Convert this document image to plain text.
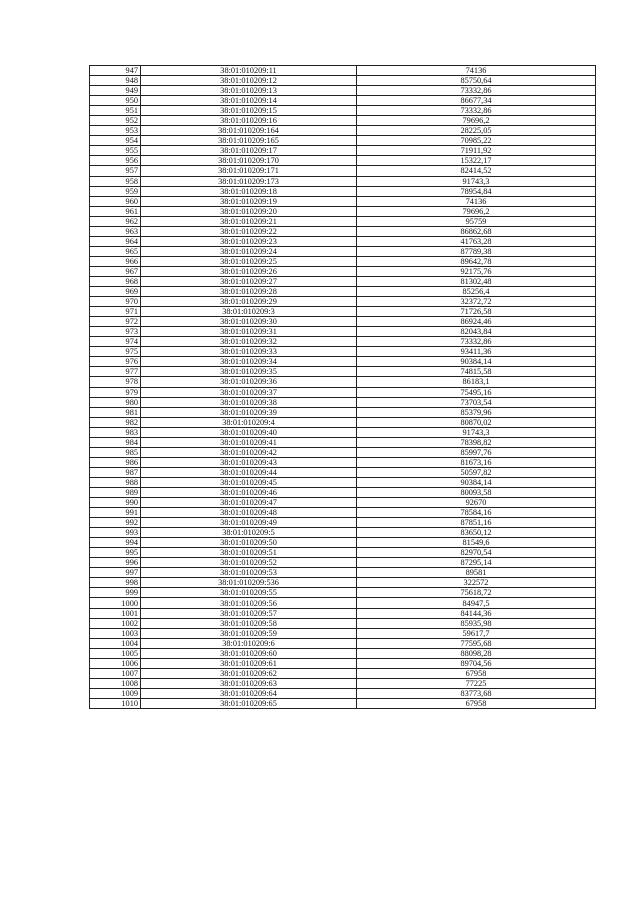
947	38:01:010209:11	74136
948	38:01:010209:12	85750,64
949	38:01:010209:13	73332,86
950	38:01:010209:14	86677,34
951	38:01:010209:15	73332,86
952	38:01:010209:16	79696,2
953	38:01:010209:164	28225,05
954	38:01:010209:165	70985,22
955	38:01:010209:17	71911,92
956	38:01:010209:170	15322,17
957	38:01:010209:171	82414,52
958	38:01:010209:173	91743,3
959	38:01:010209:18	78954,84
960	38:01:010209:19	74136
961	38:01:010209:20	79696,2
962	38:01:010209:21	95759
963	38:01:010209:22	86862,68
964	38:01:010209:23	41763,28
965	38:01:010209:24	87789,38
966	38:01:010209:25	89642,78
967	38:01:010209:26	92175,76
968	38:01:010209:27	81302,48
969	38:01:010209:28	85256,4
970	38:01:010209:29	32372,72
971	38:01:010209:3	71726,58
972	38:01:010209:30	86924,46
973	38:01:010209:31	82043,84
974	38:01:010209:32	73332,86
975	38:01:010209:33	93411,36
976	38:01:010209:34	90384,14
977	38:01:010209:35	74815,58
978	38:01:010209:36	86183,1
979	38:01:010209:37	75495,16
980	38:01:010209:38	73703,54
981	38:01:010209:39	85379,96
982	38:01:010209:4	80870,02
983	38:01:010209:40	91743,3
984	38:01:010209:41	78398,82
985	38:01:010209:42	85997,76
986	38:01:010209:43	81673,16
987	38:01:010209:44	50597,82
988	38:01:010209:45	90384,14
989	38:01:010209:46	80093,58
990	38:01:010209:47	92670
991	38:01:010209:48	78584,16
992	38:01:010209:49	87851,16
993	38:01:010209:5	83650,12
994	38:01:010209:50	81549,6
995	38:01:010209:51	82970,54
996	38:01:010209:52	87295,14
997	38:01:010209:53	89581
998	38:01:010209:536	322572
999	38:01:010209:55	75618,72
1000	38:01:010209:56	84947,5
1001	38:01:010209:57	84144,36
1002	38:01:010209:58	85935,98
1003	38:01:010209:59	59617,7
1004	38:01:010209:6	77595,68
1005	38:01:010209:60	88098,28
1006	38:01:010209:61	89704,56
1007	38:01:010209:62	67958
1008	38:01:010209:63	77225
1009	38:01:010209:64	83773,68
1010	38:01:010209:65	67958
